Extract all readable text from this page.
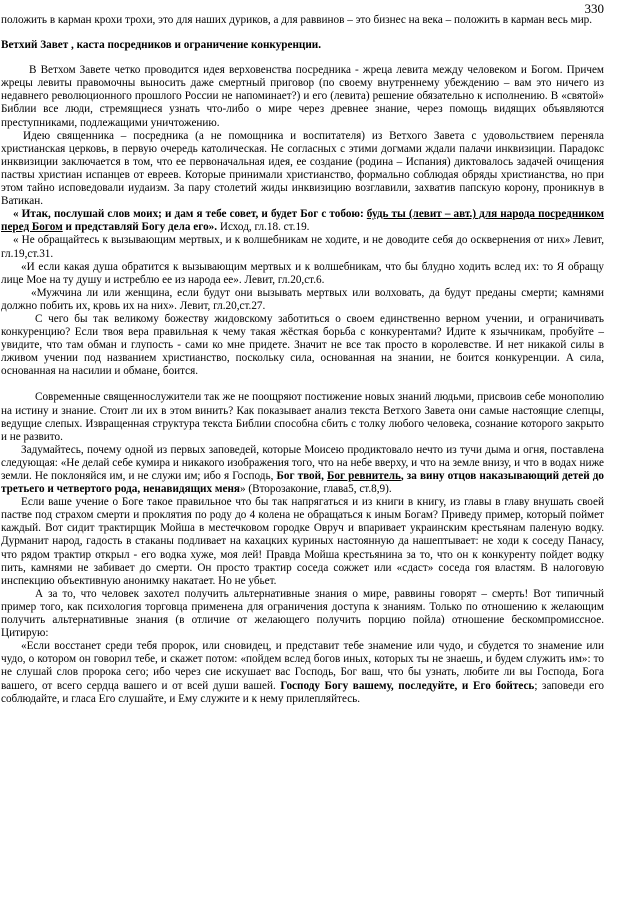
330

положить в карман крохи трохи, это для наших дуриков, а для раввинов – это бизнес на века – положить в карман весь мир.

Ветхий Завет , каста посредников и ограничение конкуренции.

В Ветхом Завете четко проводится идея верховенства посредника - жреца левита между человеком и Богом. Причем жрецы левиты правомочны выносить даже смертный приговор (по своему внутреннему убеждению – вам это ничего из недавнего революционного прошлого России не напоминает?) и его (левита) решение обязательно к исполнению. В «святой» Библии все люди, стремящиеся узнать что-либо о мире через древнее знание, через помощь видящих объявляются преступниками, подлежащими уничтожению.

Идею священника – посредника (а не помощника и воспитателя) из Ветхого Завета с удовольствием переняла христианская церковь, в первую очередь католическая. Не согласных с этими догмами ждали палачи инквизиции. Парадокс инквизиции заключается в том, что ее первоначальная идея, ее создание (родина – Испания) диктовалось задачей очищения паствы христиан испанцев от евреев. Которые принимали христианство, формально соблюдая обряды христианства, но при этом тайно исповедовали иудаизм. За пару столетий жиды инквизицию возглавили, захватив папскую корону, проникнув в Ватикан.

« Итак, послушай слов моих; и дам я тебе совет, и будет Бог с тобою: будь ты (левит – авт.) для народа посредником перед Богом и представляй Богу дела его». Исход, гл.18. ст.19.

« Не обращайтесь к вызывающим мертвых, и к волшебникам не ходите, и не доводите себя до осквернения от них» Левит, гл.19,ст.31.

«И если какая душа обратится к вызывающим мертвых и к волшебникам, что бы блудно ходить вслед их: то Я обращу лице Мое на ту душу и истреблю ее из народа ее». Левит, гл.20,ст.6.

«Мужчина ли или женщина, если будут они вызывать мертвых или волховать, да будут преданы смерти; камнями должно побить их, кровь их на них». Левит, гл.20,ст.27.

С чего бы так великому божеству жидовскому заботиться о своем единственно верном учении, и ограничивать конкуренцию? Если твоя вера правильная к чему такая жёсткая борьба с конкурентами? Идите к язычникам, пробуйте – увидите, что там обман и глупость - сами ко мне придете. Значит не все так просто в королевстве. И нет никакой силы в лживом учении под названием христианство, поскольку сила, основанная на знании, не боится конкуренции. А сила, основанная на насилии и обмане, боится.

Современные священнослужители так же не поощряют постижение новых знаний людьми, присвоив себе монополию на истину и знание. Стоит ли их в этом винить? Как показывает анализ текста Ветхого Завета они самые настоящие слепцы, ведущие слепых. Извращенная структура текста Библии способна сбить с толку любого человека, сознание которого закрыто и не развито.

Задумайтесь, почему одной из первых заповедей, которые Моисею продиктовало нечто из тучи дыма и огня, поставлена следующая: «Не делай себе кумира и никакого изображения того, что на небе вверху, и что на земле внизу, и что в водах ниже земли. Не поклоняйся им, и не служи им; ибо я Господь, Бог твой, Бог ревнитель, за вину отцов наказывающий детей до третьего и четвертого рода, ненавидящих меня» (Второзаконие, глава5, ст.8,9).

Если ваше учение о Боге такое правильное что бы так напрягаться и из книги в книгу, из главы в главу внушать своей пастве под страхом смерти и проклятия по роду до 4 колена не обращаться к иным Богам? Приведу пример, который поймет каждый. Вот сидит трактирщик Мойша в местечковом городке Овруч и впаривает украинским крестьянам паленую водку. Дурманит народ, гадость в стаканы подливает на кахацких куриных настоянную да нашептывает: не ходи к соседу Панасу, что рядом трактир открыл - его водка хуже, моя лей! Правда Мойша крестьянина за то, что он к конкуренту пойдет водку пить, камнями не забивает до смерти. Он просто трактир соседа сожжет или «сдаст» соседа гоя властям. В налоговую инспекцию объективную анонимку накатает. Но не убьет.

А за то, что человек захотел получить альтернативные знания о мире, раввины говорят – смерть! Вот типичный пример того, как психология торговца применена для ограничения доступа к знаниям. Только по отношению к желающим получить альтернативные знания (в отличие от желающего получить порцию пойла) отношение бескомпромиссное. Цитирую:

«Если восстанет среди тебя пророк, или сновидец, и представит тебе знамение или чудо, и сбудется то знамение или чудо, о котором он говорил тебе, и скажет потом: «пойдем вслед богов иных, которых ты не знаешь, и будем служить им»: то не слушай слов пророка сего; ибо через сие искушает вас Господь, Бог ваш, что бы узнать, любите ли вы Господа, Бога вашего, от всего сердца вашего и от всей души вашей. Господу Богу вашему, последуйте, и Его бойтесь; заповеди его соблюдайте, и гласа Его слушайте, и Ему служите и к нему прилепляйтесь.
